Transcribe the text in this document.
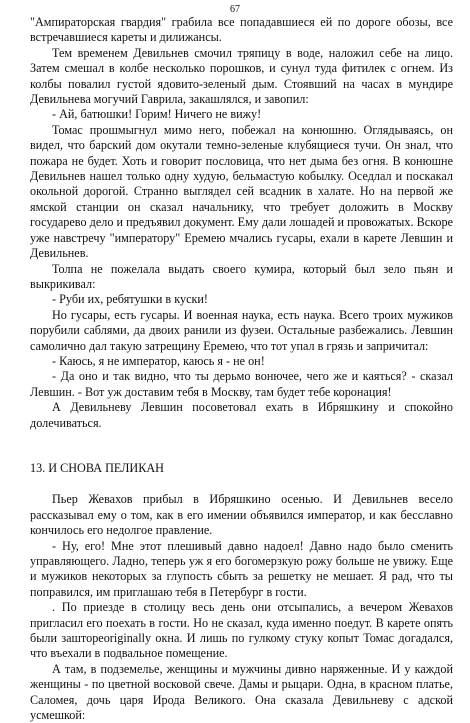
67

"Ампираторская гвардия" грабила все попадавшиеся ей по дороге обозы, все встречавшиеся кареты и дилижансы.

Тем временем Девильнев смочил тряпицу в воде, наложил себе на лицо. Затем смешал в колбе несколько порошков, и сунул туда фитилек с огнем. Из колбы повалил густой ядовито-зеленый дым. Стоявший на часах в мундире Девильнева могучий Гаврила, закашлялся, и завопил:

- Ай, батюшки! Горим! Ничего не вижу!

Томас прошмыгнул мимо него, побежал на конюшню. Оглядываясь, он видел, что барский дом окутали темно-зеленые клубящиеся тучи. Он знал, что пожара не будет. Хоть и говорит пословица, что нет дыма без огня. В конюшне Девильнев нашел только одну худую, бельмастую кобылку. Оседлал и поскакал окольной дорогой. Странно выглядел сей всадник в халате. Но на первой же ямской станции он сказал начальнику, что требует доложить в Москву государево дело и предъявил документ. Ему дали лошадей и провожатых. Вскоре уже навстречу "императору" Еремею мчались гусары, ехали в карете Левшин и Девильнев.

Толпа не пожелала выдать своего кумира, который был зело пьян и выкрикивал:

- Руби их, ребятушки в куски!

Но гусары, есть гусары. И военная наука, есть наука. Всего троих мужиков порубили саблями, да двоих ранили из фузеи. Остальные разбежались. Левшин самолично дал такую затрещину Еремею, что тот упал в грязь и запричитал:

- Каюсь, я не император, каюсь я - не он!

- Да оно и так видно, что ты дерьмо вонючее, чего же и каяться? - сказал Левшин. - Вот уж доставим тебя в Москву, там будет тебе коронация!

А Девильневу Левшин посоветовал ехать в Ибряшкину и спокойно долечиваться.

13. И СНОВА ПЕЛИКАН

Пьер Жевахов прибыл в Ибряшкино осенью. И Девильнев весело рассказывал ему о том, как в его имении объявился император, и как бесславно кончилось его недолгое правление.

- Ну, его! Мне этот плешивый давно надоел! Давно надо было сменить управляющего. Ладно, теперь уж я его богомерзкую рожу больше не увижу. Еще и мужиков некоторых за глупость сбыть за решетку не мешает. Я рад, что ты поправился, им приглашаю тебя в Петербург в гости.

. По приезде в столицу весь день они отсыпались, а вечером Жевахов пригласил его поехать в гости. Но не сказал, куда именно поедут. В карете опять были заштореoriginally окна. И лишь по гулкому стуку копыт Томас догадался, что въехали в подвальное помещение.

А там, в подземелье, женщины и мужчины дивно наряженные. И у каждой женщины - по цветной восковой свече. Дамы и рыцари. Одна, в красном платье, Саломея, дочь царя Ирода Великого. Она сказала Девильневу с адской усмешкой:
